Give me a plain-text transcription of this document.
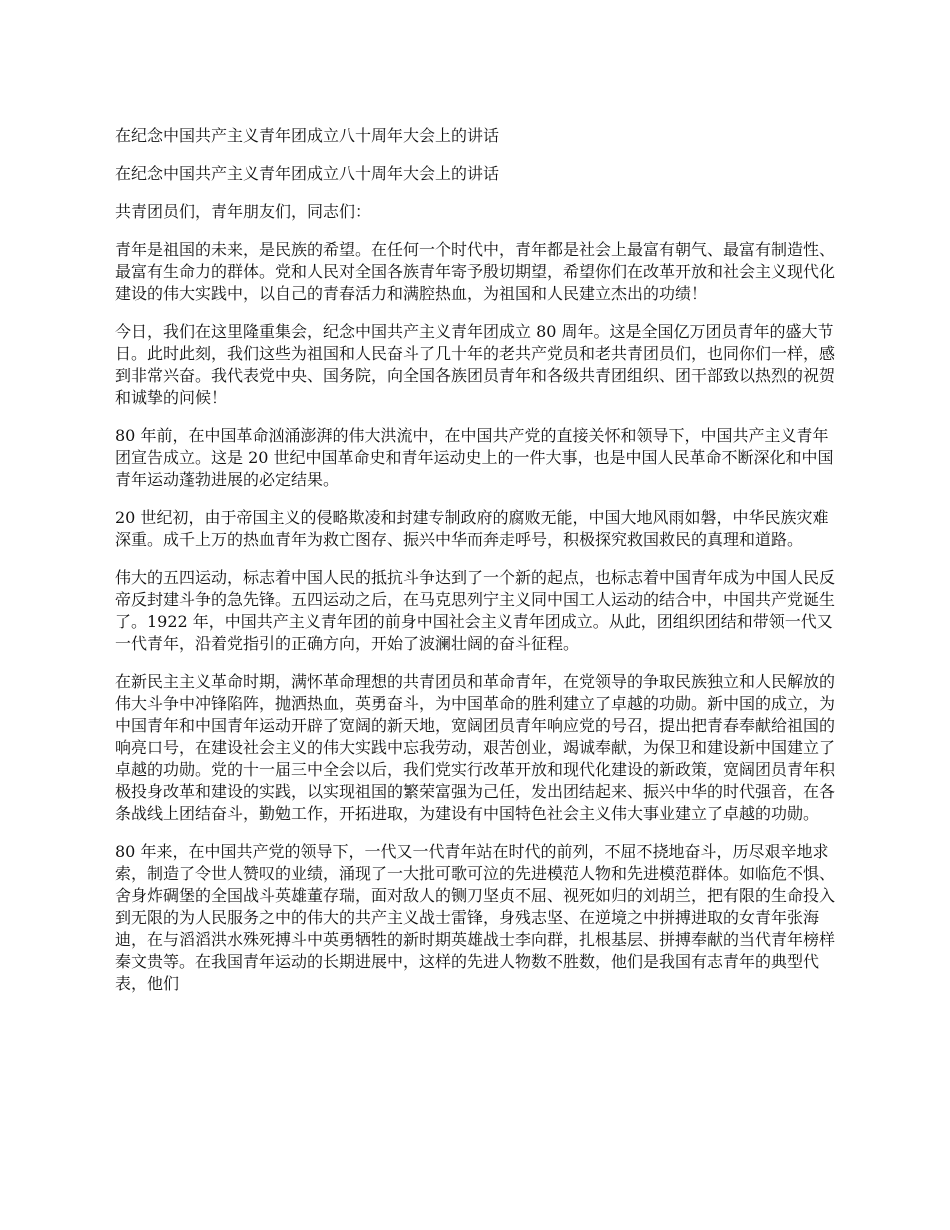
在纪念中国共产主义青年团成立八十周年大会上的讲话

在纪念中国共产主义青年团成立八十周年大会上的讲话

共青团员们，青年朋友们，同志们：

青年是祖国的未来，是民族的希望。在任何一个时代中，青年都是社会上最富有朝气、最富有制造性、最富有生命力的群体。党和人民对全国各族青年寄予殷切期望，希望你们在改革开放和社会主义现代化建设的伟大实践中，以自己的青春活力和满腔热血，为祖国和人民建立杰出的功绩！

今日，我们在这里隆重集会，纪念中国共产主义青年团成立 80 周年。这是全国亿万团员青年的盛大节日。此时此刻，我们这些为祖国和人民奋斗了几十年的老共产党员和老共青团员们，也同你们一样，感到非常兴奋。我代表党中央、国务院，向全国各族团员青年和各级共青团组织、团干部致以热烈的祝贺和诚挚的问候！

80 年前，在中国革命汹涌澎湃的伟大洪流中，在中国共产党的直接关怀和领导下，中国共产主义青年团宣告成立。这是 20 世纪中国革命史和青年运动史上的一件大事，也是中国人民革命不断深化和中国青年运动蓬勃进展的必定结果。

20 世纪初，由于帝国主义的侵略欺凌和封建专制政府的腐败无能，中国大地风雨如磐，中华民族灾难深重。成千上万的热血青年为救亡图存、振兴中华而奔走呼号，积极探究救国救民的真理和道路。

伟大的五四运动，标志着中国人民的抵抗斗争达到了一个新的起点，也标志着中国青年成为中国人民反帝反封建斗争的急先锋。五四运动之后，在马克思列宁主义同中国工人运动的结合中，中国共产党诞生了。1922 年，中国共产主义青年团的前身中国社会主义青年团成立。从此，团组织团结和带领一代又一代青年，沿着党指引的正确方向，开始了波澜壮阔的奋斗征程。

在新民主主义革命时期，满怀革命理想的共青团员和革命青年，在党领导的争取民族独立和人民解放的伟大斗争中冲锋陷阵，抛洒热血，英勇奋斗，为中国革命的胜利建立了卓越的功勋。新中国的成立，为中国青年和中国青年运动开辟了宽阔的新天地，宽阔团员青年响应党的号召，提出把青春奉献给祖国的响亮口号，在建设社会主义的伟大实践中忘我劳动，艰苦创业，竭诚奉献，为保卫和建设新中国建立了卓越的功勋。党的十一届三中全会以后，我们党实行改革开放和现代化建设的新政策，宽阔团员青年积极投身改革和建设的实践，以实现祖国的繁荣富强为己任，发出团结起来、振兴中华的时代强音，在各条战线上团结奋斗，勤勉工作，开拓进取，为建设有中国特色社会主义伟大事业建立了卓越的功勋。

80 年来，在中国共产党的领导下，一代又一代青年站在时代的前列，不屈不挠地奋斗，历尽艰辛地求索，制造了令世人赞叹的业绩，涌现了一大批可歌可泣的先进模范人物和先进模范群体。如临危不惧、舍身炸碉堡的全国战斗英雄董存瑞，面对敌人的铡刀坚贞不屈、视死如归的刘胡兰，把有限的生命投入到无限的为人民服务之中的伟大的共产主义战士雷锋，身残志坚、在逆境之中拼搏进取的女青年张海迪，在与滔滔洪水殊死搏斗中英勇牺牲的新时期英雄战士李向群，扎根基层、拼搏奉献的当代青年榜样秦文贵等。在我国青年运动的长期进展中，这样的先进人物数不胜数，他们是我国有志青年的典型代表，他们
